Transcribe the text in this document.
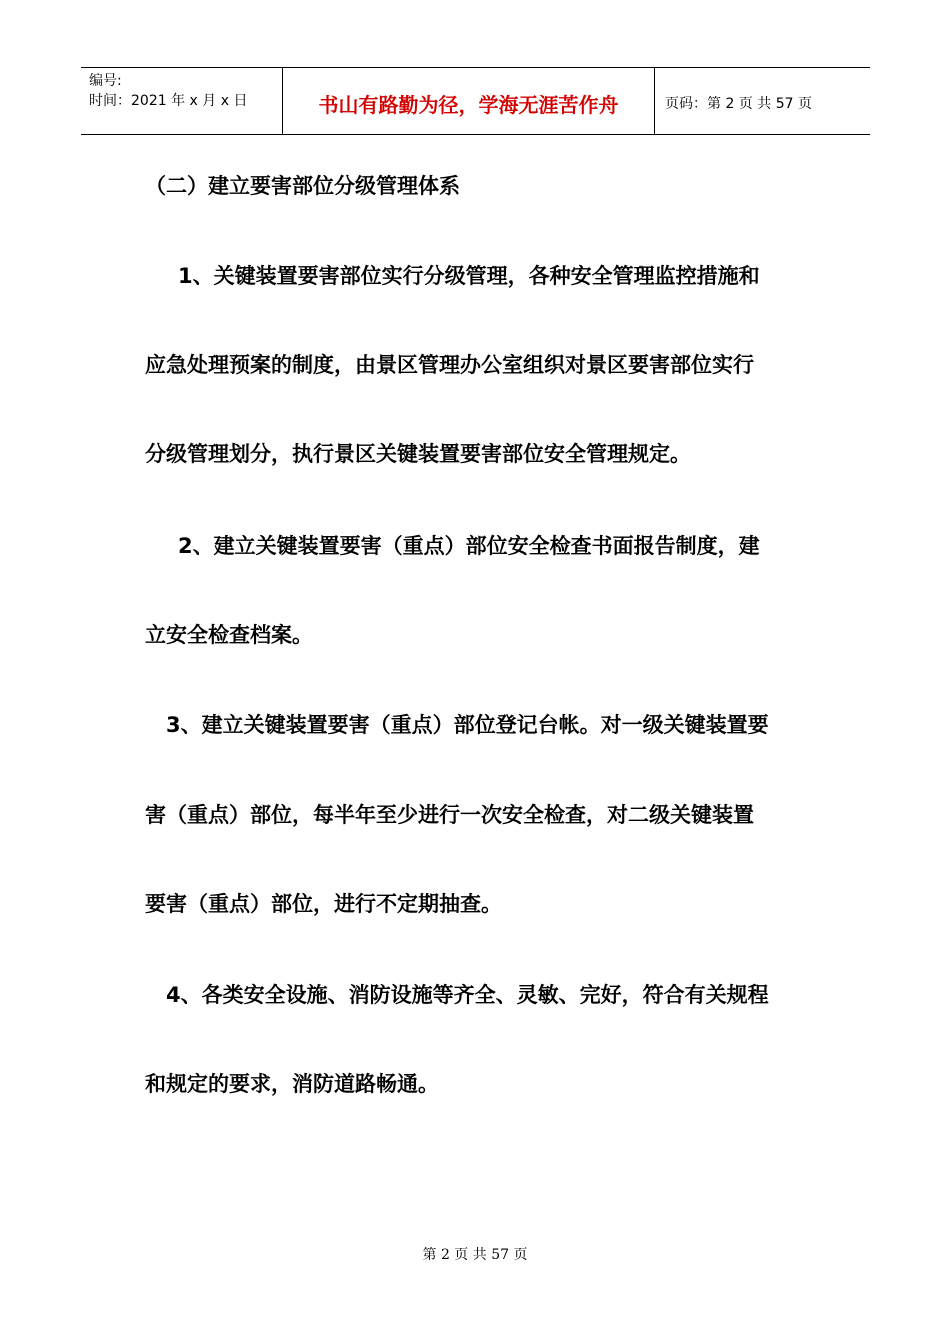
编号:
时间：2021 年 x 月 x 日	书山有路勤为径，学海无涯苦作舟	页码：第 2 页 共 57 页
（二）建立要害部位分级管理体系
1、关键装置要害部位实行分级管理，各种安全管理监控措施和
应急处理预案的制度，由景区管理办公室组织对景区要害部位实行
分级管理划分，执行景区关键装置要害部位安全管理规定。
2、建立关键装置要害（重点）部位安全检查书面报告制度，建
立安全检查档案。
3、建立关键装置要害（重点）部位登记台帐。对一级关键装置要
害（重点）部位，每半年至少进行一次安全检查，对二级关键装置
要害（重点）部位，进行不定期抽查。
4、各类安全设施、消防设施等齐全、灵敏、完好，符合有关规程
和规定的要求，消防道路畅通。
第 2 页 共 57 页
